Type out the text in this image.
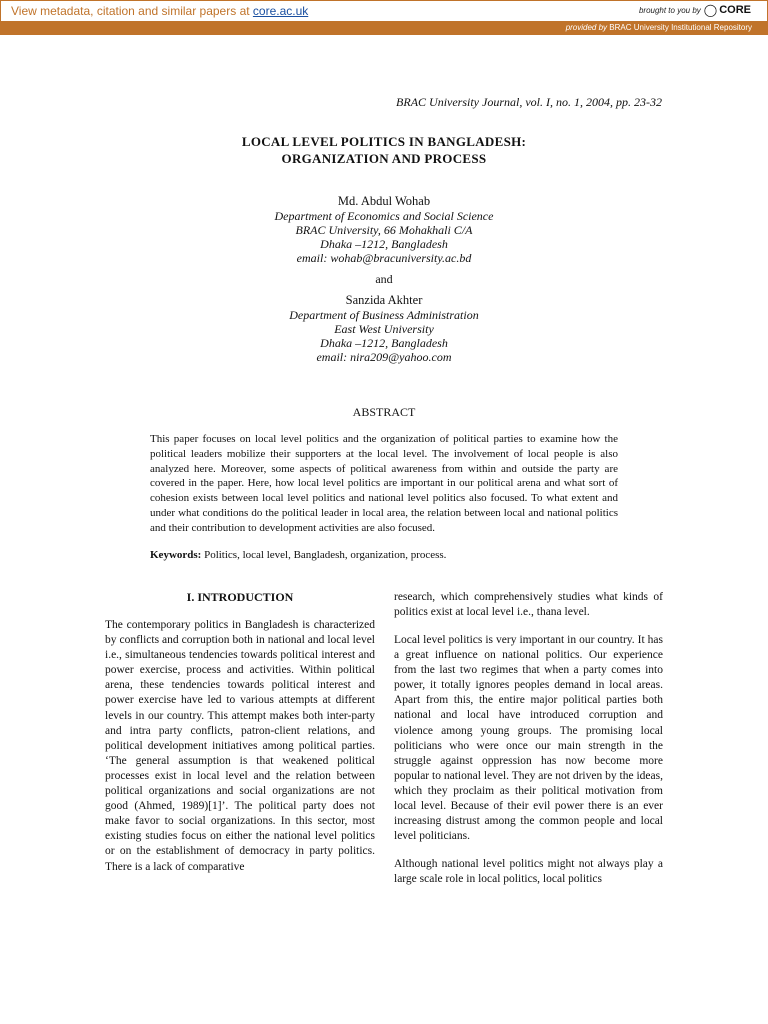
View metadata, citation and similar papers at core.ac.uk	brought to you by ◯ CORE
provided by BRAC University Institutional Repository
BRAC University Journal, vol. I, no. 1, 2004, pp. 23-32
LOCAL LEVEL POLITICS IN BANGLADESH:
ORGANIZATION AND PROCESS
Md. Abdul Wohab
Department of Economics and Social Science
BRAC University, 66 Mohakhali C/A
Dhaka –1212, Bangladesh
email: wohab@bracuniversity.ac.bd
and
Sanzida Akhter
Department of Business Administration
East West University
Dhaka –1212, Bangladesh
email: nira209@yahoo.com
ABSTRACT

This paper focuses on local level politics and the organization of political parties to examine how the political leaders mobilize their supporters at the local level. The involvement of local people is also analyzed here. Moreover, some aspects of political awareness from within and outside the party are covered in the paper. Here, how local level politics are important in our political arena and what sort of cohesion exists between local level politics and national level politics also focused. To what extent and under what conditions do the political leader in local area, the relation between local and national politics and their contribution to development activities are also focused.

Keywords: Politics, local level, Bangladesh, organization, process.
I. INTRODUCTION

The contemporary politics in Bangladesh is characterized by conflicts and corruption both in national and local level i.e., simultaneous tendencies towards political interest and power exercise, process and activities. Within political arena, these tendencies towards political interest and power exercise have led to various attempts at different levels in our country. This attempt makes both inter-party and intra party conflicts, patron-client relations, and political development initiatives among political parties. ‘The general assumption is that weakened political processes exist in local level and the relation between political organizations and social organizations are not good (Ahmed, 1989)[1]’. The political party does not make favor to social organizations. In this sector, most existing studies focus on either the national level politics or on the establishment of democracy in party politics. There is a lack of comparative

research, which comprehensively studies what kinds of politics exist at local level i.e., thana level.

Local level politics is very important in our country. It has a great influence on national politics. Our experience from the last two regimes that when a party comes into power, it totally ignores peoples demand in local areas. Apart from this, the entire major political parties both national and local have introduced corruption and violence among young groups. The promising local politicians who were once our main strength in the struggle against oppression has now become more popular to national level. They are not driven by the ideas, which they proclaim as their political motivation from local level. Because of their evil power there is an ever increasing distrust among the common people and local level politicians.

Although national level politics might not always play a large scale role in local politics, local politics
